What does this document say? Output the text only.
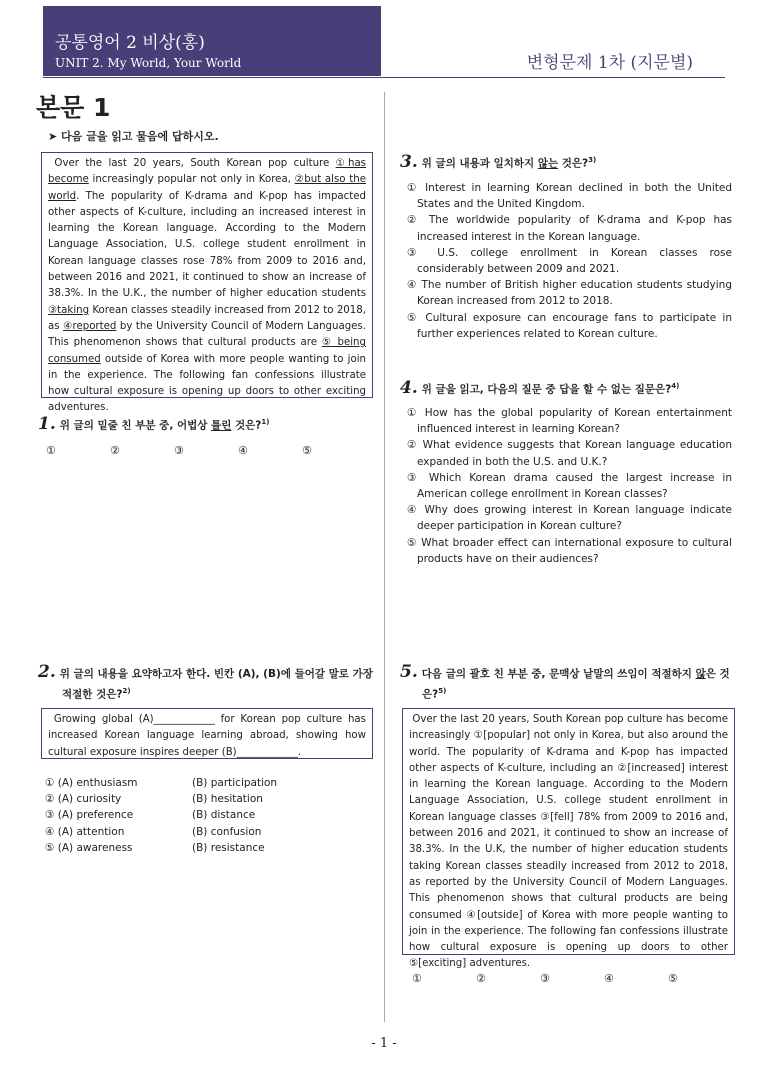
공통영어 2 비상(홍)
UNIT 2. My World, Your World	변형문제 1차 (지문별)
본문 1
➤ 다음 글을 읽고 물음에 답하시오.
Over the last 20 years, South Korean pop culture ①has become increasingly popular not only in Korea, ②but also the world. The popularity of K-drama and K-pop has impacted other aspects of K-culture, including an increased interest in learning the Korean language. According to the Modern Language Association, U.S. college student enrollment in Korean language classes rose 78% from 2009 to 2016 and, between 2016 and 2021, it continued to show an increase of 38.3%. In the U.K., the number of higher education students ③taking Korean classes steadily increased from 2012 to 2018, as ④reported by the University Council of Modern Languages. This phenomenon shows that cultural products are ⑤ being consumed outside of Korea with more people wanting to join in the experience. The following fan confessions illustrate how cultural exposure is opening up doors to other exciting adventures.
1. 위 글의 밑줄 친 부분 중, 어법상 틀린 것은?$^{1)}$
①	②	③	④	⑤
2. 위 글의 내용을 요약하고자 한다. 빈칸 (A), (B)에 들어갈 말로 가장 적절한 것은?$^{2)}$
Growing global (A)____________ for Korean pop culture has increased Korean language learning abroad, showing how cultural exposure inspires deeper (B)____________.
① (A) enthusiasm	(B) participation
② (A) curiosity	(B) hesitation
③ (A) preference	(B) distance
④ (A) attention	(B) confusion
⑤ (A) awareness	(B) resistance
3. 위 글의 내용과 일치하지 않는 것은?$^{3)}$
① Interest in learning Korean declined in both the United States and the United Kingdom.
② The worldwide popularity of K-drama and K-pop has increased interest in the Korean language.
③ U.S. college enrollment in Korean classes rose considerably between 2009 and 2021.
④ The number of British higher education students studying Korean increased from 2012 to 2018.
⑤ Cultural exposure can encourage fans to participate in further experiences related to Korean culture.
4. 위 글을 읽고, 다음의 질문 중 답을 할 수 없는 질문은?$^{4)}$
① How has the global popularity of Korean entertainment influenced interest in learning Korean?
② What evidence suggests that Korean language education expanded in both the U.S. and U.K.?
③ Which Korean drama caused the largest increase in American college enrollment in Korean classes?
④ Why does growing interest in Korean language indicate deeper participation in Korean culture?
⑤ What broader effect can international exposure to cultural products have on their audiences?
5. 다음 글의 괄호 친 부분 중, 문맥상 낱말의 쓰임이 적절하지 않은 것은?$^{5)}$
Over the last 20 years, South Korean pop culture has become increasingly ①[popular] not only in Korea, but also around the world. The popularity of K-drama and K-pop has impacted other aspects of K-culture, including an ②[increased] interest in learning the Korean language. According to the Modern Language Association, U.S. college student enrollment in Korean language classes ③[fell] 78% from 2009 to 2016 and, between 2016 and 2021, it continued to show an increase of 38.3%. In the U.K, the number of higher education students taking Korean classes steadily increased from 2012 to 2018, as reported by the University Council of Modern Languages. This phenomenon shows that cultural products are being consumed ④[outside] of Korea with more people wanting to join in the experience. The following fan confessions illustrate how cultural exposure is opening up doors to other ⑤[exciting] adventures.
①	②	③	④	⑤
- 1 -
